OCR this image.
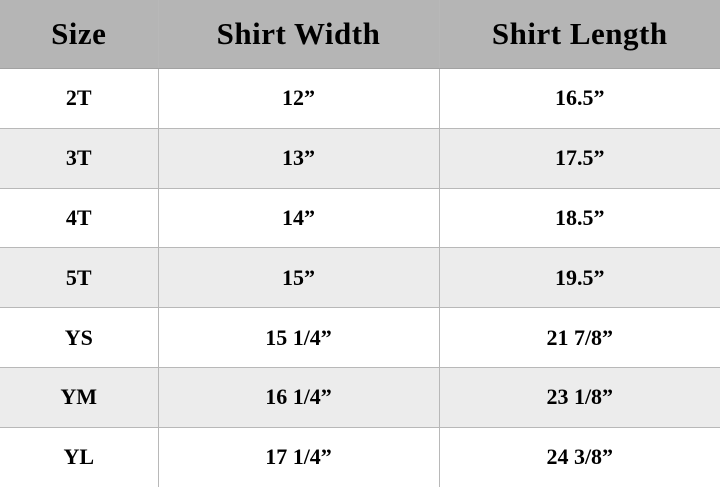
Size	Shirt Width	Shirt Length
2T	12”	16.5”
3T	13”	17.5”
4T	14”	18.5”
5T	15”	19.5”
YS	15 1/4”	21 7/8”
YM	16 1/4”	23 1/8”
YL	17 1/4”	24 3/8”
